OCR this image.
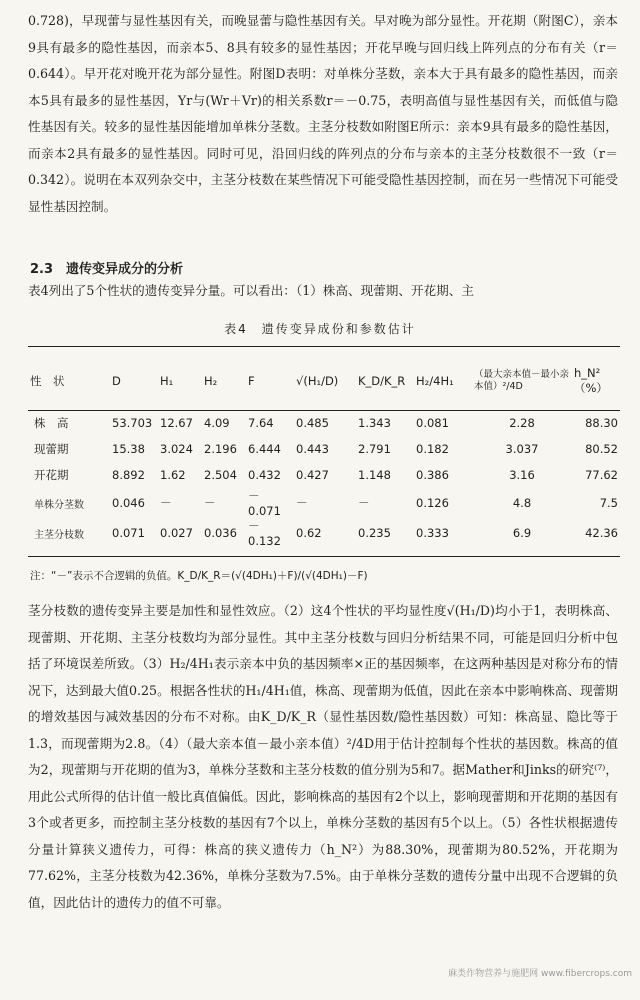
0.728)，早现蕾与显性基因有关，而晚显蕾与隐性基因有关。早对晚为部分显性。开花期（附图C），亲本9具有最多的隐性基因，而亲本5、8具有较多的显性基因；开花早晚与回归线上阵列点的分布有关（r＝0.644）。早开花对晚开花为部分显性。附图D表明：对单株分茎数，亲本大于具有最多的隐性基因，而亲本5具有最多的显性基因，Yr与(Wr＋Vr)的相关系数r＝－0.75，表明高值与显性基因有关，而低值与隐性基因有关。较多的显性基因能增加单株分茎数。主茎分枝数如附图E所示：亲本9具有最多的隐性基因，而亲本2具有最多的显性基因。同时可见，沿回归线的阵列点的分布与亲本的主茎分枝数很不一致（r＝0.342）。说明在本双列杂交中，主茎分枝数在某些情况下可能受隐性基因控制，而在另一些情况下可能受显性基因控制。
2.3　遗传变异成分的分析
表4列出了5个性状的遗传变异分量。可以看出：（1）株高、现蕾期、开花期、主
表4　遗传变异成份和参数估计
性　状	D	H₁	H₂	F	√(H₁/D)	K_D/K_R	H₂/4H₁	（最大亲本值－最小亲本值）²/4D	h_N²（%）
株　高	53.703	12.67	4.09	7.64	0.485	1.343	0.081	2.28	88.30
现蕾期	15.38	3.024	2.196	6.444	0.443	2.791	0.182	3.037	80.52
开花期	8.892	1.62	2.504	0.432	0.427	1.148	0.386	3.16	77.62
单株分茎数	0.046	－	－	－0.071	－	－	0.126	4.8	7.5
主茎分枝数	0.071	0.027	0.036	－0.132	0.62	0.235	0.333	6.9	42.36
注：“－”表示不合逻辑的负值。K_D/K_R＝(√(4DH₁)＋F)/(√(4DH₁)－F)
茎分枝数的遗传变异主要是加性和显性效应。（2）这4个性状的平均显性度√(H₁/D)均小于1，表明株高、现蕾期、开花期、主茎分枝数均为部分显性。其中主茎分枝数与回归分析结果不同，可能是回归分析中包括了环境误差所致。（3）H₂/4H₁表示亲本中负的基因频率×正的基因频率，在这两种基因是对称分布的情况下，达到最大值0.25。根据各性状的H₁/4H₁值，株高、现蕾期为低值，因此在亲本中影响株高、现蕾期的增效基因与减效基因的分布不对称。由K_D/K_R（显性基因数/隐性基因数）可知：株高显、隐比等于1.3，而现蕾期为2.8。（4）（最大亲本值－最小亲本值）²/4D用于估计控制每个性状的基因数。株高的值为2，现蕾期与开花期的值为3，单株分茎数和主茎分枝数的值分别为5和7。据Mather和Jinks的研究⁽⁷⁾，用此公式所得的估计值一般比真值偏低。因此，影响株高的基因有2个以上，影响现蕾期和开花期的基因有3个或者更多，而控制主茎分枝数的基因有7个以上，单株分茎数的基因有5个以上。（5）各性状根据遗传分量计算狭义遗传力，可得：株高的狭义遗传力（h_N²）为88.30%，现蕾期为80.52%，开花期为77.62%，主茎分枝数为42.36%，单株分茎数为7.5%。由于单株分茎数的遗传分量中出现不合逻辑的负值，因此估计的遗传力的值不可靠。
麻类作物营养与施肥网 www.fibercrops.com
